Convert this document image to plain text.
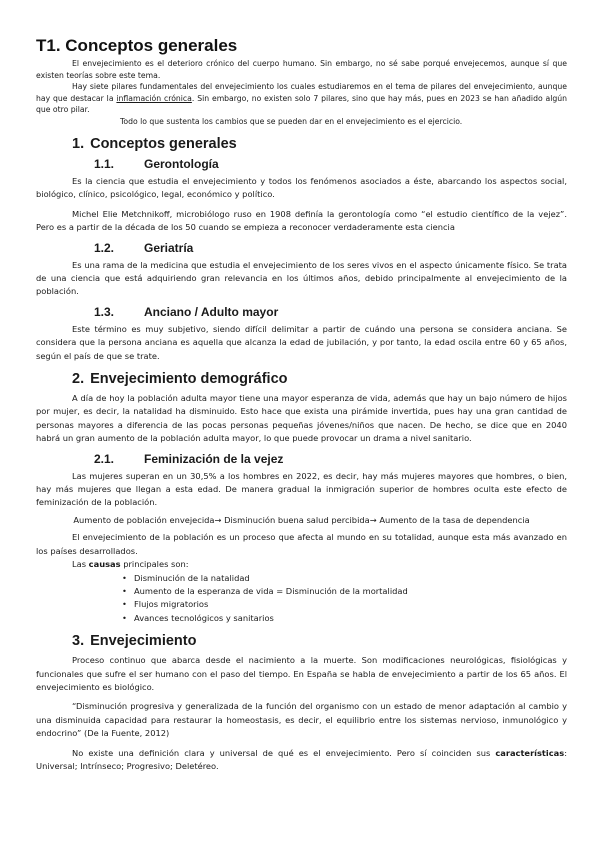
T1. Conceptos generales

El envejecimiento es el deterioro crónico del cuerpo humano. Sin embargo, no sé sabe porqué envejecemos, aunque sí que existen teorías sobre este tema.

Hay siete pilares fundamentales del envejecimiento los cuales estudiaremos en el tema de pilares del envejecimiento, aunque hay que destacar la inflamación crónica. Sin embargo, no existen solo 7 pilares, sino que hay más, pues en 2023 se han añadido algún que otro pilar.

Todo lo que sustenta los cambios que se pueden dar en el envejecimiento es el ejercicio.

1. Conceptos generales
1.1. Gerontología

Es la ciencia que estudia el envejecimiento y todos los fenómenos asociados a éste, abarcando los aspectos social, biológico, clínico, psicológico, legal, económico y político.

Michel Elie Metchnikoff, microbiólogo ruso en 1908 definía la gerontología como “el estudio científico de la vejez”. Pero es a partir de la década de los 50 cuando se empieza a reconocer verdaderamente esta ciencia

1.2. Geriatría

Es una rama de la medicina que estudia el envejecimiento de los seres vivos en el aspecto únicamente físico. Se trata de una ciencia que está adquiriendo gran relevancia en los últimos años, debido principalmente al envejecimiento de la población.

1.3. Anciano / Adulto mayor

Este término es muy subjetivo, siendo difícil delimitar a partir de cuándo una persona se considera anciana. Se considera que la persona anciana es aquella que alcanza la edad de jubilación, y por tanto, la edad oscila entre 60 y 65 años, según el país de que se trate.

2. Envejecimiento demográfico

A día de hoy la población adulta mayor tiene una mayor esperanza de vida, además que hay un bajo número de hijos por mujer, es decir, la natalidad ha disminuido. Esto hace que exista una pirámide invertida, pues hay una gran cantidad de personas mayores a diferencia de las pocas personas pequeñas jóvenes/niños que nacen. De hecho, se dice que en 2040 habrá un gran aumento de la población adulta mayor, lo que puede provocar un drama a nivel sanitario.

2.1. Feminización de la vejez

Las mujeres superan en un 30,5% a los hombres en 2022, es decir, hay más mujeres mayores que hombres, o bien, hay más mujeres que llegan a esta edad. De manera gradual la inmigración superior de hombres oculta este efecto de feminización de la población.

Aumento de población envejecida→ Disminución buena salud percibida→ Aumento de la tasa de dependencia

El envejecimiento de la población es un proceso que afecta al mundo en su totalidad, aunque esta más avanzado en los países desarrollados.

Las causas principales son:

• Disminución de la natalidad
• Aumento de la esperanza de vida = Disminución de la mortalidad
• Flujos migratorios
• Avances tecnológicos y sanitarios
3. Envejecimiento

Proceso continuo que abarca desde el nacimiento a la muerte. Son modificaciones neurológicas, fisiológicas y funcionales que sufre el ser humano con el paso del tiempo. En España se habla de envejecimiento a partir de los 65 años. El envejecimiento es biológico.

“Disminución progresiva y generalizada de la función del organismo con un estado de menor adaptación al cambio y una disminuida capacidad para restaurar la homeostasis, es decir, el equilibrio entre los sistemas nervioso, inmunológico y endocrino” (De la Fuente, 2012)

No existe una definición clara y universal de qué es el envejecimiento. Pero sí coinciden sus características: Universal; Intrínseco; Progresivo; Deletéreo.
